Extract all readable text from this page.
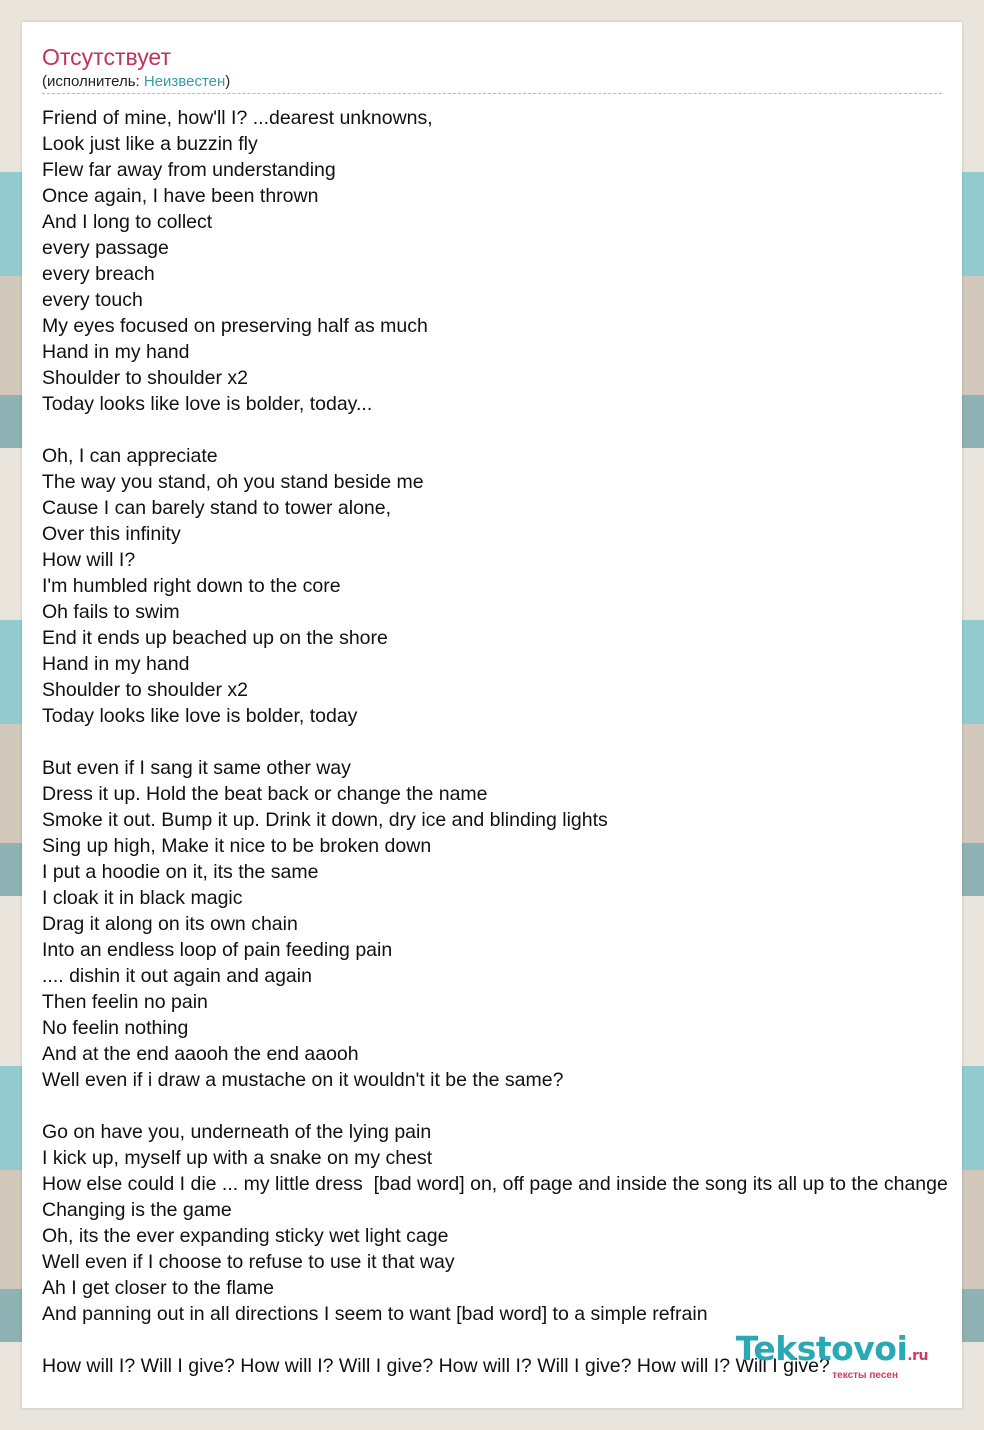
Отсутствует
(исполнитель: Неизвестен)
Friend of mine, how'll I? ...dearest unknowns,
Look just like a buzzin fly
Flew far away from understanding
Once again, I have been thrown
And I long to collect
every passage
every breach
every touch
My eyes focused on preserving half as much
Hand in my hand
Shoulder to shoulder x2
Today looks like love is bolder, today...

Oh, I can appreciate
The way you stand, oh you stand beside me
Cause I can barely stand to tower alone,
Over this infinity
How will I?
I'm humbled right down to the core
Oh fails to swim
End it ends up beached up on the shore
Hand in my hand
Shoulder to shoulder x2
Today looks like love is bolder, today

But even if I sang it same other way
Dress it up. Hold the beat back or change the name
Smoke it out. Bump it up. Drink it down, dry ice and blinding lights
Sing up high, Make it nice to be broken down
I put a hoodie on it, its the same
I cloak it in black magic
Drag it along on its own chain
Into an endless loop of pain feeding pain
.... dishin it out again and again
Then feelin no pain
No feelin nothing
And at the end aaooh the end aaooh
Well even if i draw a mustache on it wouldn't it be the same?

Go on have you, underneath of the lying pain
I kick up, myself up with a snake on my chest
How else could I die ... my little dress  [bad word] on, off page and inside the song its all up to the change
Changing is the game
Oh, its the ever expanding sticky wet light cage
Well even if I choose to refuse to use it that way
Ah I get closer to the flame
And panning out in all directions I seem to want [bad word] to a simple refrain

How will I? Will I give? How will I? Will I give? How will I? Will I give? How will I? Will I give?
Tekstovoi.ru
тексты песен
